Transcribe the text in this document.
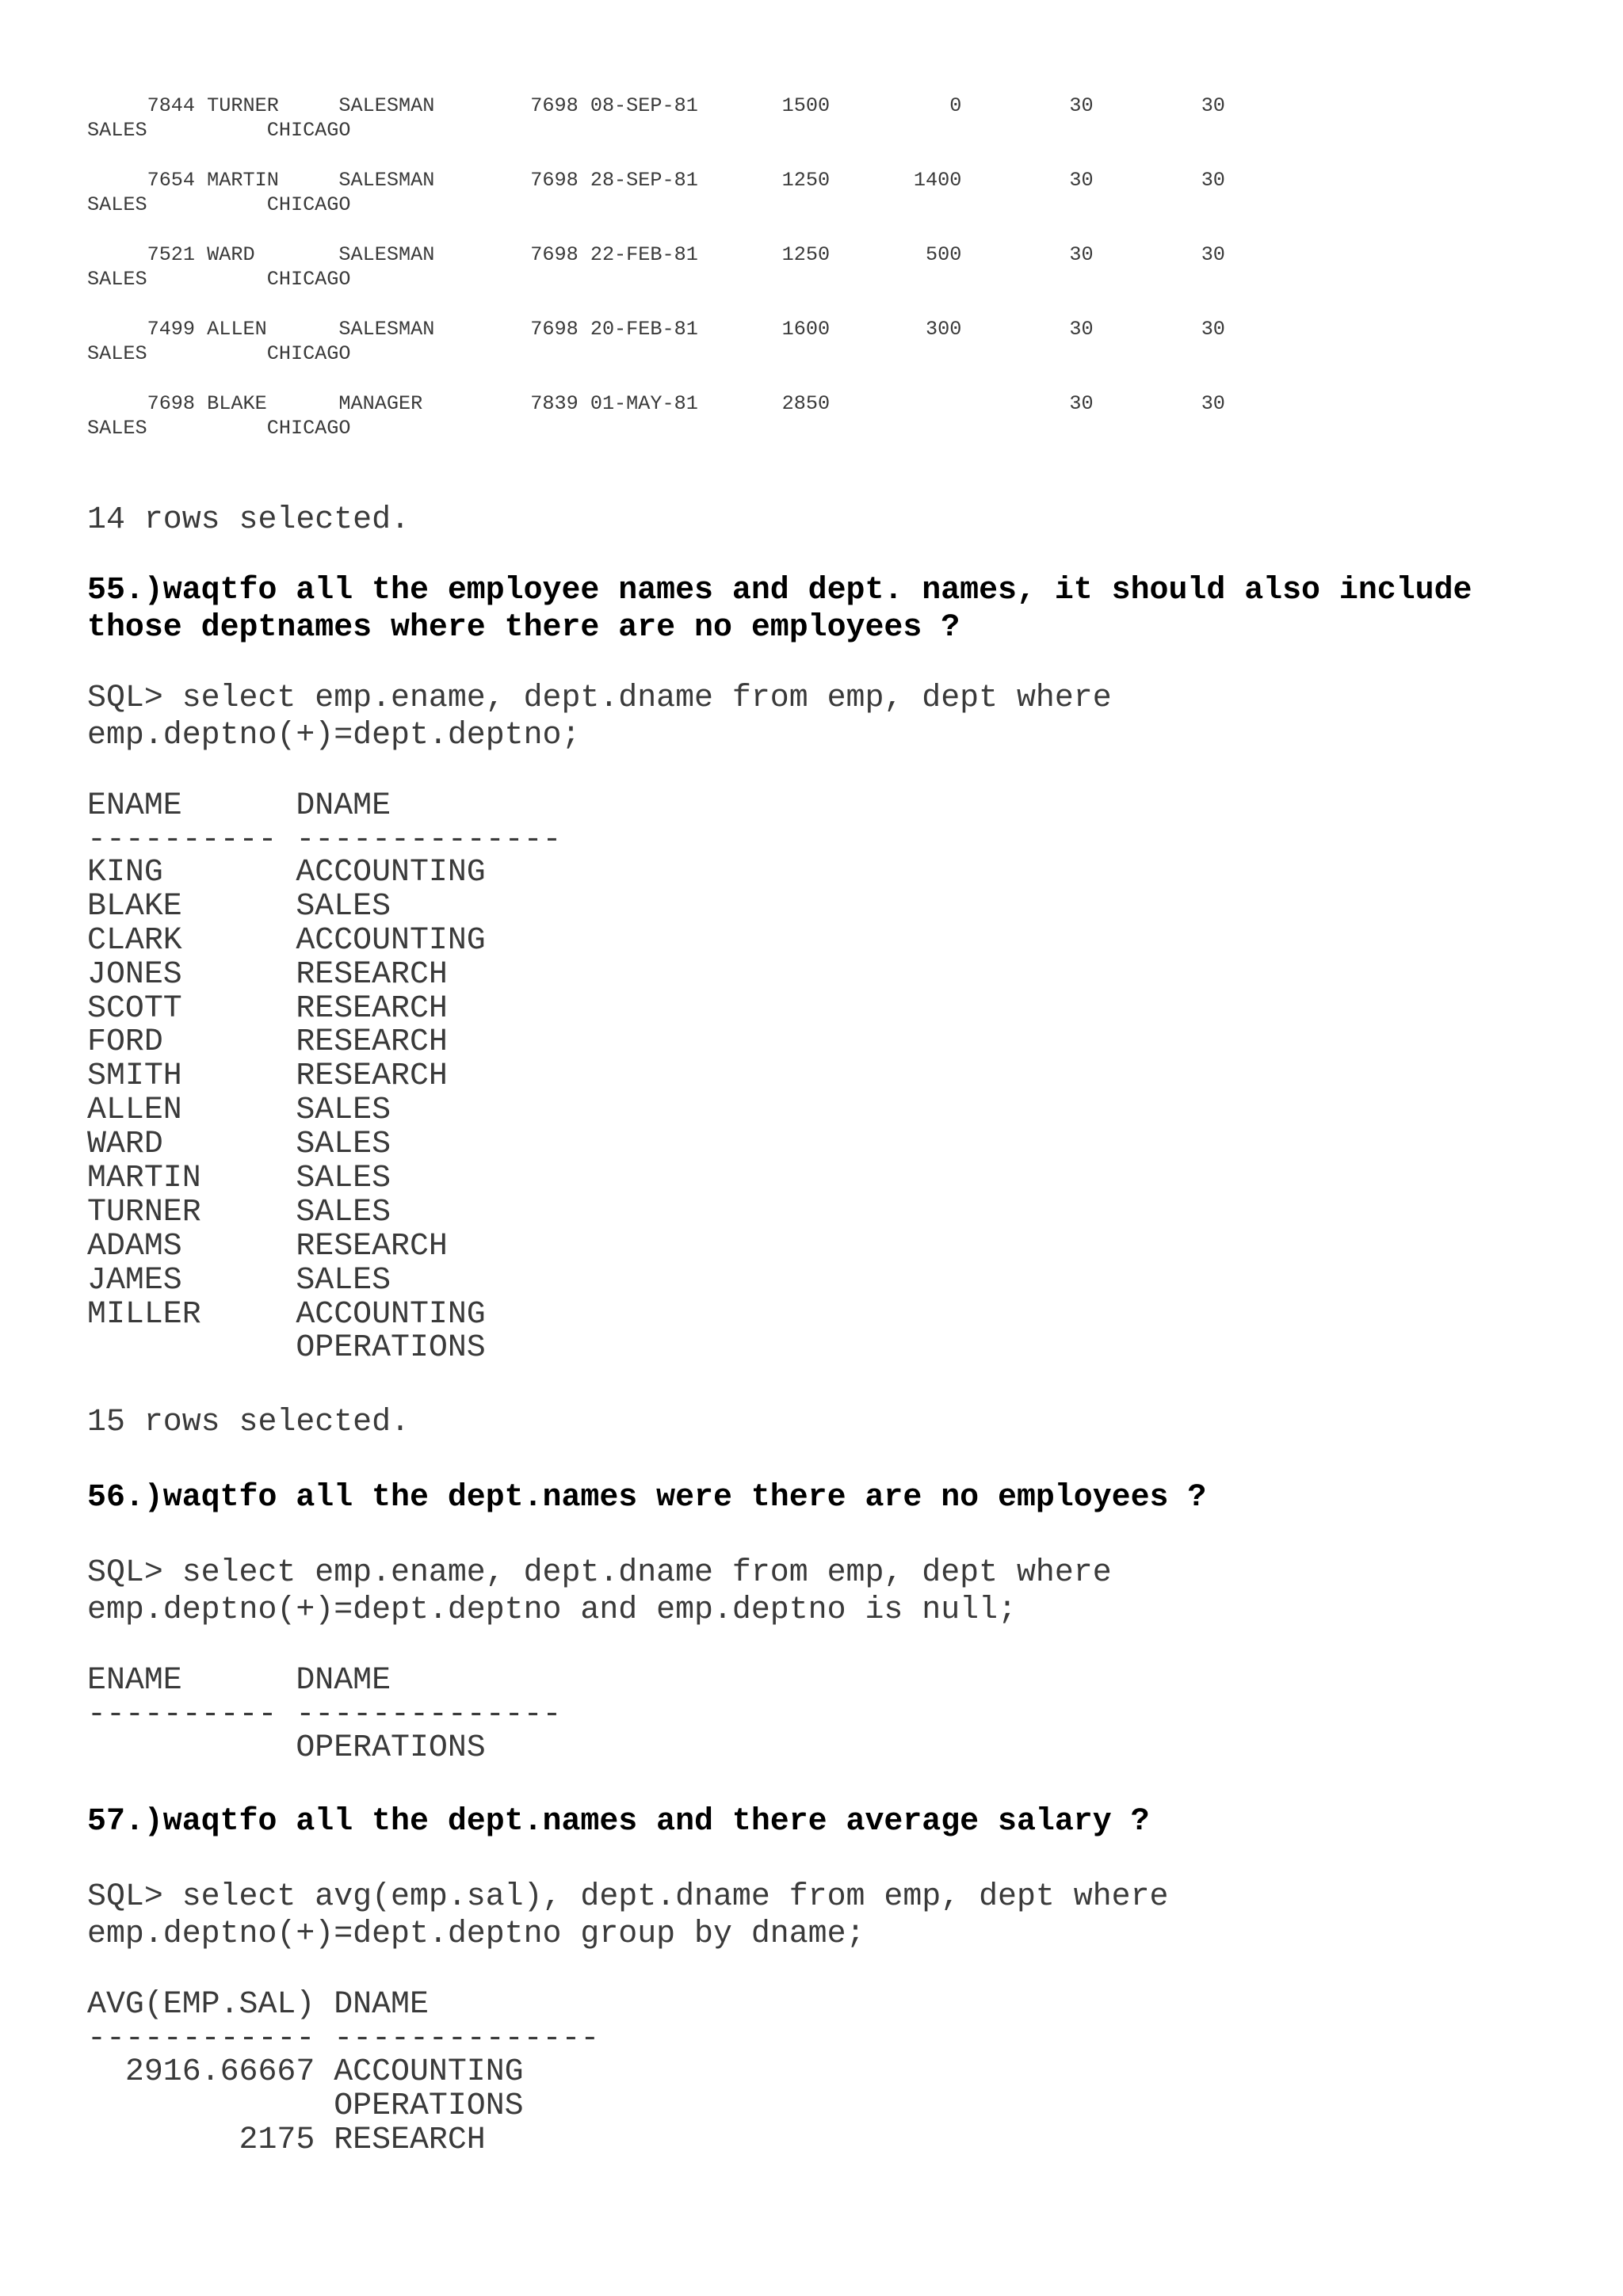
7844 TURNER     SALESMAN        7698 08-SEP-81       1500          0         30         30
SALES          CHICAGO
7654 MARTIN     SALESMAN        7698 28-SEP-81       1250       1400         30         30
SALES          CHICAGO
7521 WARD       SALESMAN        7698 22-FEB-81       1250        500         30         30
SALES          CHICAGO
7499 ALLEN      SALESMAN        7698 20-FEB-81       1600        300         30         30
SALES          CHICAGO
7698 BLAKE      MANAGER         7839 01-MAY-81       2850                    30         30
SALES          CHICAGO
14 rows selected.
55.)waqtfo all the employee names and dept. names, it should also include those deptnames where there are no employees ?
SQL> select emp.ename, dept.dname from emp, dept where
emp.deptno(+)=dept.deptno;
ENAME      DNAME
---------- --------------
KING       ACCOUNTING
BLAKE      SALES
CLARK      ACCOUNTING
JONES      RESEARCH
SCOTT      RESEARCH
FORD       RESEARCH
SMITH      RESEARCH
ALLEN      SALES
WARD       SALES
MARTIN     SALES
TURNER     SALES
ADAMS      RESEARCH
JAMES      SALES
MILLER     ACCOUNTING
OPERATIONS
15 rows selected.
56.)waqtfo all the dept.names were there are no employees ?
SQL> select emp.ename, dept.dname from emp, dept where
emp.deptno(+)=dept.deptno and emp.deptno is null;
ENAME      DNAME
---------- --------------
OPERATIONS
57.)waqtfo all the dept.names and there average salary ?
SQL> select avg(emp.sal), dept.dname from emp, dept where
emp.deptno(+)=dept.deptno group by dname;
AVG(EMP.SAL) DNAME
------------ --------------
2916.66667 ACCOUNTING
OPERATIONS
2175 RESEARCH
